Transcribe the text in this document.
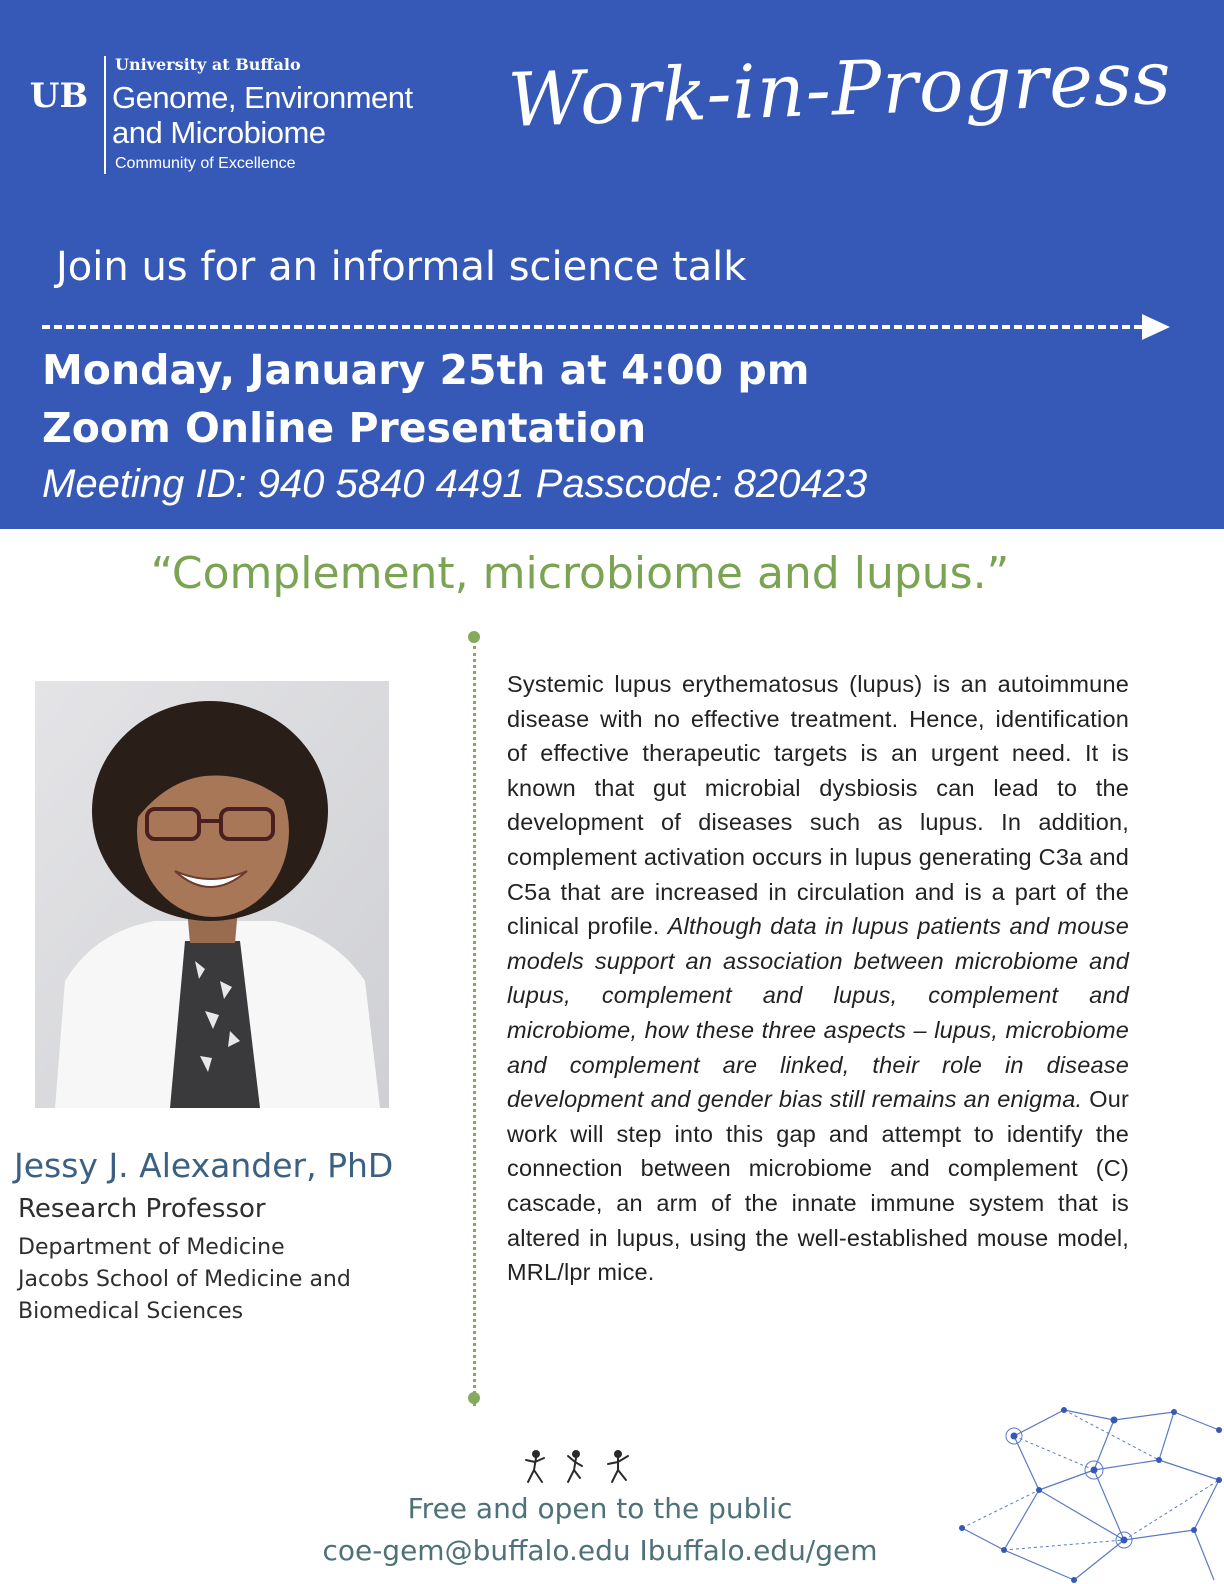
UB
University at Buffalo
Genome, Environment
and Microbiome
Community of Excellence
Work-in-Progress
Join us for an informal science talk
Monday, January 25th at 4:00 pm
Zoom Online Presentation
Meeting ID: 940 5840 4491 Passcode: 820423
“Complement, microbiome and lupus.”

Systemic lupus erythematosus (lupus) is an autoimmune disease with no effective treatment. Hence, identification of effective therapeutic targets is an urgent need. It is known that gut microbial dysbiosis can lead to the development of diseases such as lupus. In addition, complement activation occurs in lupus generating C3a and C5a that are increased in circulation and is a part of the clinical profile. Although data in lupus patients and mouse models support an association between microbiome and lupus, complement and lupus, complement and microbiome, how these three aspects – lupus, microbiome and complement are linked, their role in disease development and gender bias still remains an enigma. Our work will step into this gap and attempt to identify the connection between microbiome and complement (C) cascade, an arm of the innate immune system that is altered in lupus, using the well-established mouse model, MRL/lpr mice.

Jessy J. Alexander, PhD
Research Professor
Department of Medicine
Jacobs School of Medicine and
Biomedical Sciences
Free and open to the public
coe-gem@buffalo.edu Ibuffalo.edu/gem
